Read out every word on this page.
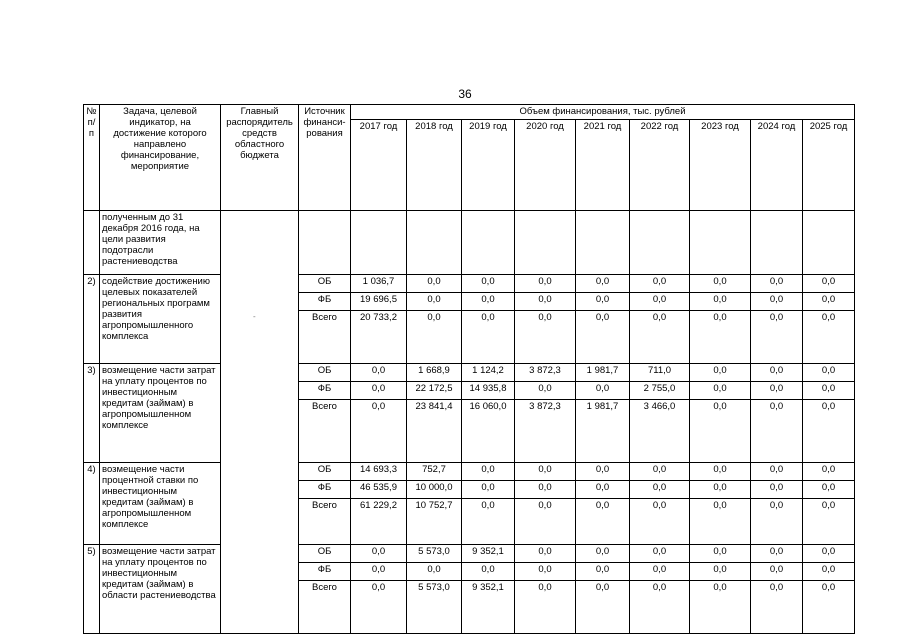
36
№ п/п	Задача, целевой индикатор, на достижение которого направлено финансирование, мероприятие	Главный распорядитель средств областного бюджета	Источник финанси-рования	Объем финансирования, тыс. рублей								
				2017 год	2018 год	2019 год	2020 год	2021 год	2022 год	2023 год	2024 год	2025 год
	полученным до 31 декабря 2016 года, на цели развития подотрасли растениеводства	-										

2)	содействие достижению целевых показателей региональных программ развития агропромышленного комплекса		ОБ	1 036,7	0,0	0,0	0,0	0,0	0,0	0,0	0,0	0,0
			ФБ	19 696,5	0,0	0,0	0,0	0,0	0,0	0,0	0,0	0,0
			Всего	20 733,2	0,0	0,0	0,0	0,0	0,0	0,0	0,0	0,0
3)	возмещение части затрат на уплату процентов по инвестиционным кредитам (займам) в агропромышленном комплексе		ОБ	0,0	1 668,9	1 124,2	3 872,3	1 981,7	711,0	0,0	0,0	0,0
			ФБ	0,0	22 172,5	14 935,8	0,0	0,0	2 755,0	0,0	0,0	0,0
			Всего	0,0	23 841,4	16 060,0	3 872,3	1 981,7	3 466,0	0,0	0,0	0,0
4)	возмещение части процентной ставки по инвестиционным кредитам (займам) в агропромышленном комплексе		ОБ	14 693,3	752,7	0,0	0,0	0,0	0,0	0,0	0,0	0,0
			ФБ	46 535,9	10 000,0	0,0	0,0	0,0	0,0	0,0	0,0	0,0
			Всего	61 229,2	10 752,7	0,0	0,0	0,0	0,0	0,0	0,0	0,0
5)	возмещение части затрат на уплату процентов по инвестиционным кредитам (займам) в области растениеводства		ОБ	0,0	5 573,0	9 352,1	0,0	0,0	0,0	0,0	0,0	0,0
			ФБ	0,0	0,0	0,0	0,0	0,0	0,0	0,0	0,0	0,0
			Всего	0,0	5 573,0	9 352,1	0,0	0,0	0,0	0,0	0,0	0,0
